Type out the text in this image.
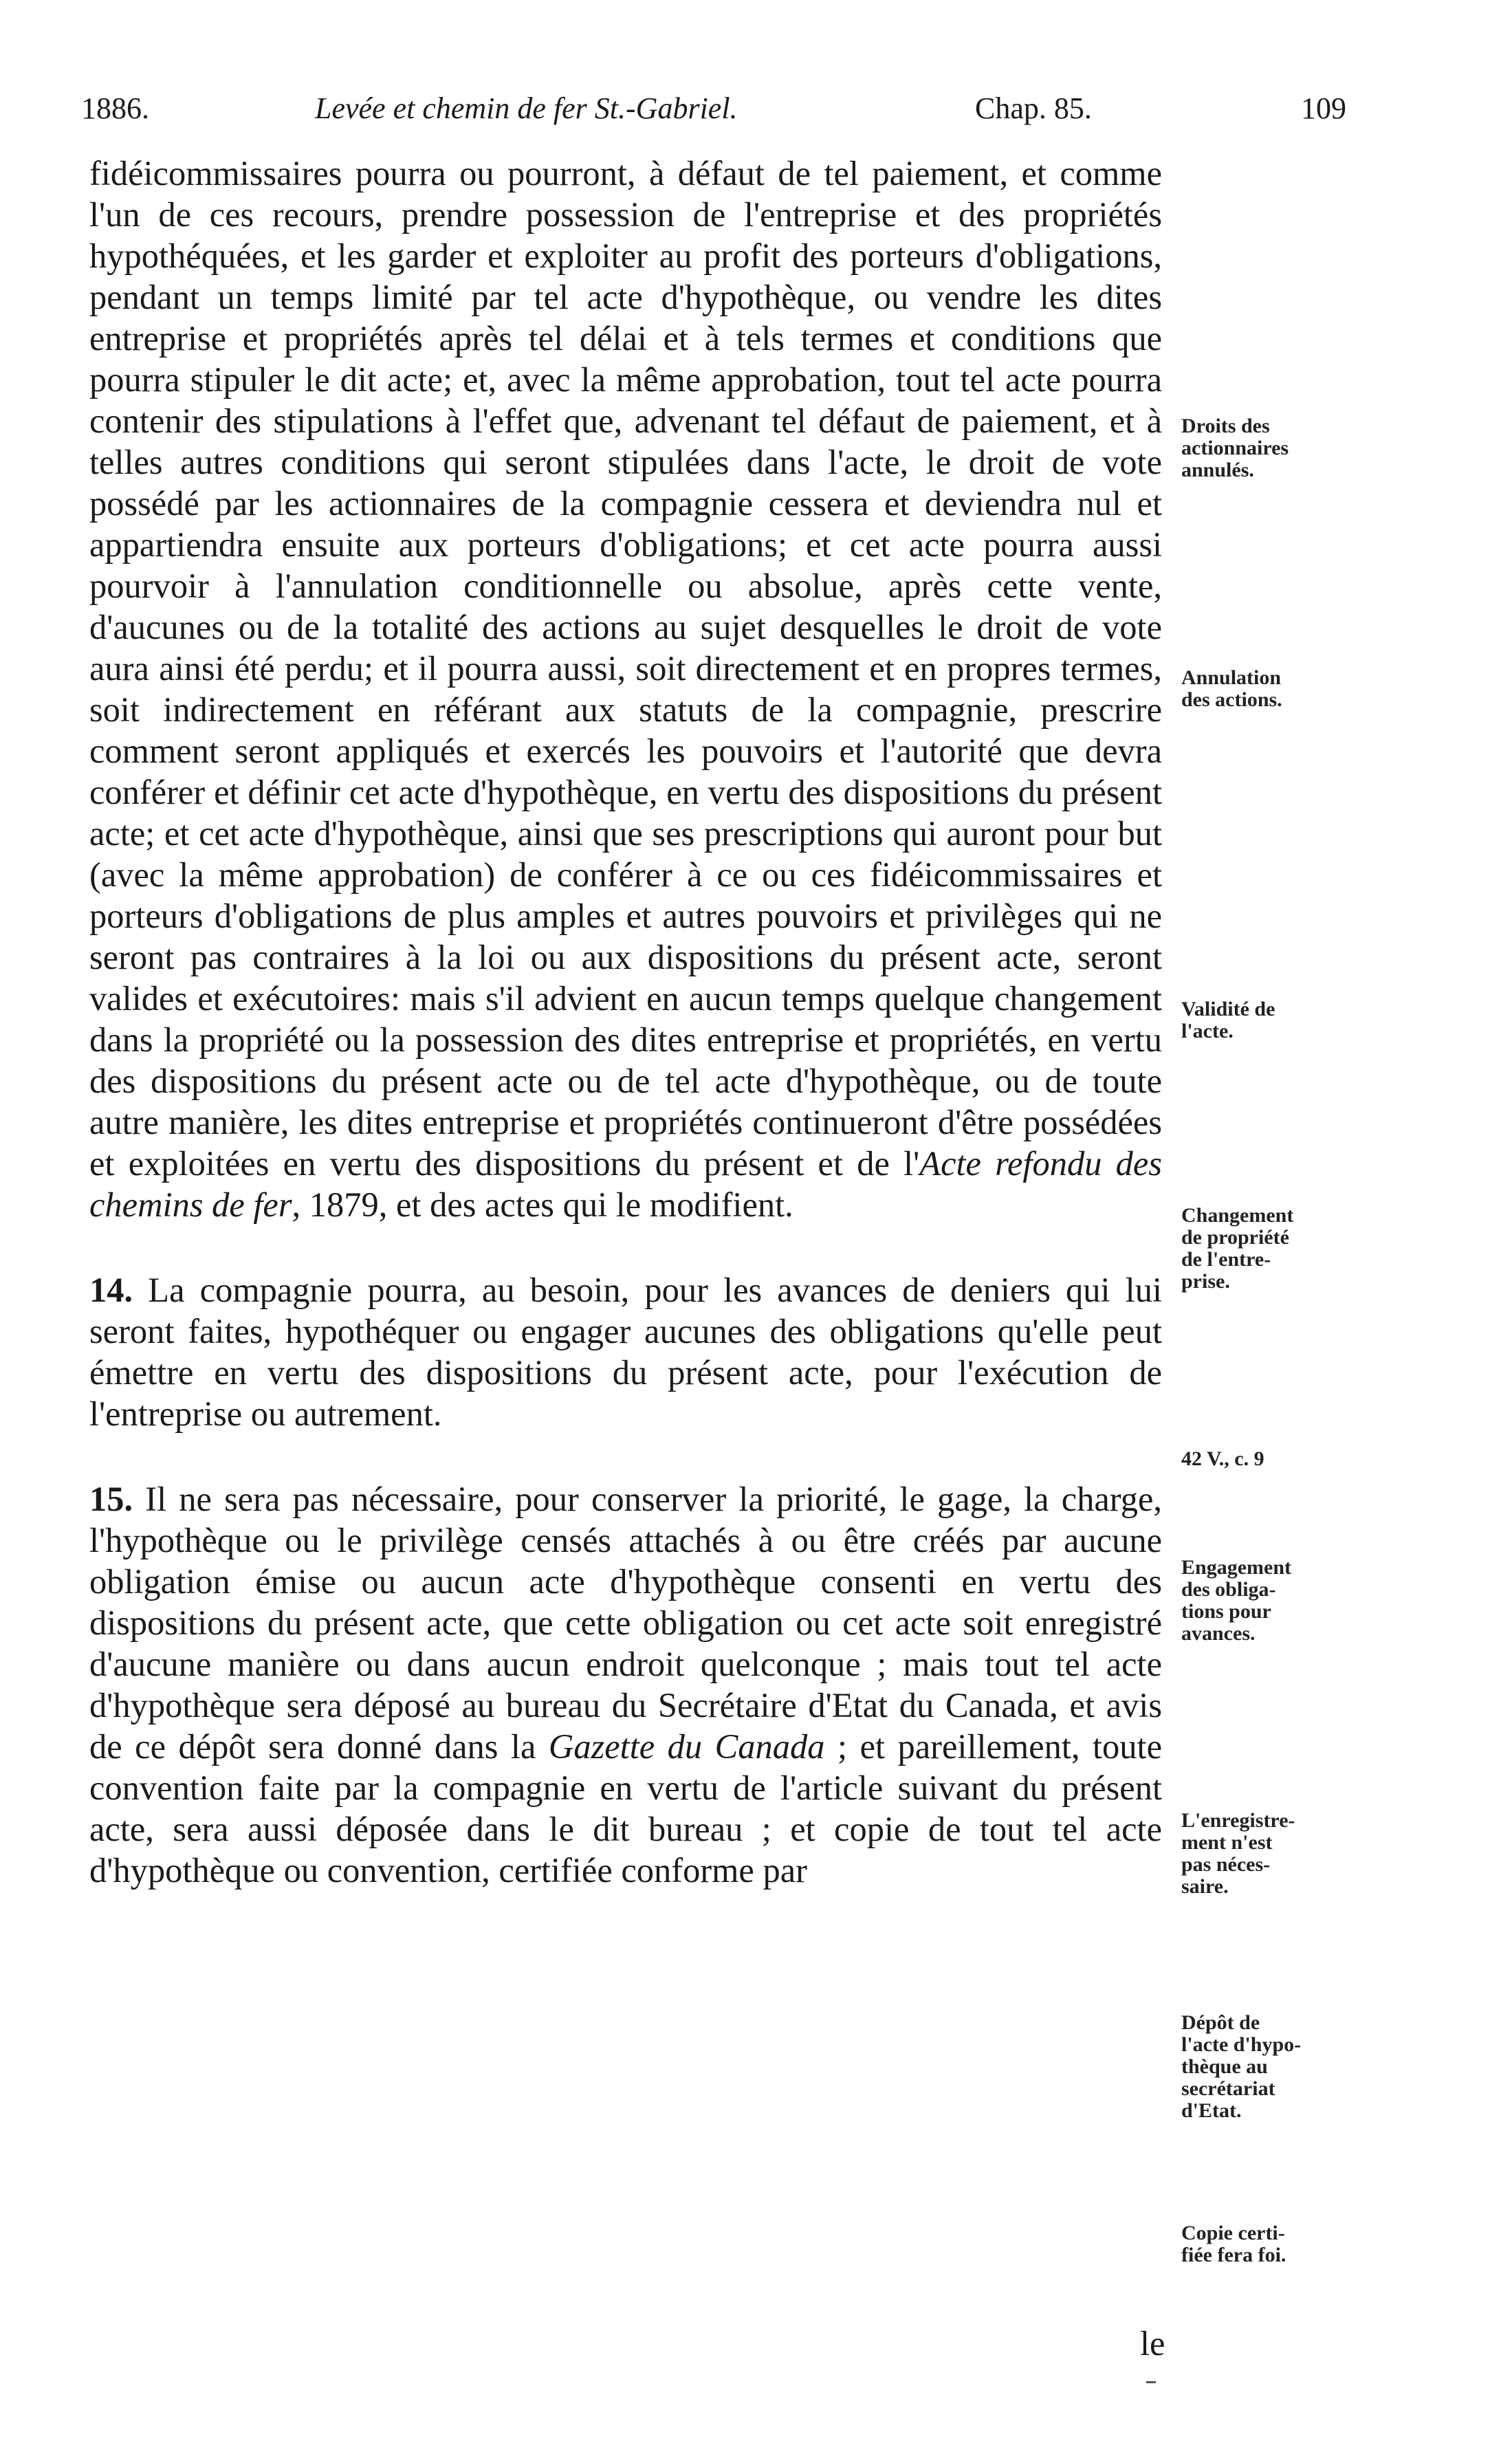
1886.	Levée et chemin de fer St.-Gabriel.	Chap. 85.	109

fidéicommissaires pourra ou pourront, à défaut de tel paiement, et comme l'un de ces recours, prendre possession de l'entreprise et des propriétés hypothéquées, et les garder et exploiter au profit des porteurs d'obligations, pendant un temps limité par tel acte d'hypothèque, ou vendre les dites entreprise et propriétés après tel délai et à tels termes et conditions que pourra stipuler le dit acte; et, avec la même approbation, tout tel acte pourra contenir des stipulations à l'effet que, advenant tel défaut de paiement, et à telles autres conditions qui seront stipulées dans l'acte, le droit de vote possédé par les actionnaires de la compagnie cessera et deviendra nul et appartiendra ensuite aux porteurs d'obligations; et cet acte pourra aussi pourvoir à l'annulation conditionnelle ou absolue, après cette vente, d'aucunes ou de la totalité des actions au sujet desquelles le droit de vote aura ainsi été perdu; et il pourra aussi, soit directement et en propres termes, soit indirectement en référant aux statuts de la compagnie, prescrire comment seront appliqués et exercés les pouvoirs et l'autorité que devra conférer et définir cet acte d'hypothèque, en vertu des dispositions du présent acte; et cet acte d'hypothèque, ainsi que ses prescriptions qui auront pour but (avec la même approbation) de conférer à ce ou ces fidéicommissaires et porteurs d'obligations de plus amples et autres pouvoirs et privilèges qui ne seront pas contraires à la loi ou aux dispositions du présent acte, seront valides et exécutoires: mais s'il advient en aucun temps quelque changement dans la propriété ou la possession des dites entreprise et propriétés, en vertu des dispositions du présent acte ou de tel acte d'hypothèque, ou de toute autre manière, les dites entreprise et propriétés continueront d'être possédées et exploitées en vertu des dispositions du présent et de l'Acte refondu des chemins de fer, 1879, et des actes qui le modifient.

14. La compagnie pourra, au besoin, pour les avances de deniers qui lui seront faites, hypothéquer ou engager aucunes des obligations qu'elle peut émettre en vertu des dispositions du présent acte, pour l'exécution de l'entreprise ou autrement.

15. Il ne sera pas nécessaire, pour conserver la priorité, le gage, la charge, l'hypothèque ou le privilège censés attachés à ou être créés par aucune obligation émise ou aucun acte d'hypothèque consenti en vertu des dispositions du présent acte, que cette obligation ou cet acte soit enregistré d'aucune manière ou dans aucun endroit quelconque ; mais tout tel acte d'hypothèque sera déposé au bureau du Secrétaire d'Etat du Canada, et avis de ce dépôt sera donné dans la Gazette du Canada ; et pareillement, toute convention faite par la compagnie en vertu de l'article suivant du présent acte, sera aussi déposée dans le dit bureau ; et copie de tout tel acte d'hypothèque ou convention, certifiée conforme par

Droits des
actionnaires
annulés.
Annulation
des actions.
Validité de
l'acte.
Changement
de propriété
de l'entre-
prise.
42 V., c. 9
Engagement
des obliga-
tions pour
avances.
L'enregistre-
ment n'est
pas néces-
saire.
Dépôt de
l'acte d'hypo-
thèque au
secrétariat
d'Etat.
Copie certi-
fiée fera foi.
le
